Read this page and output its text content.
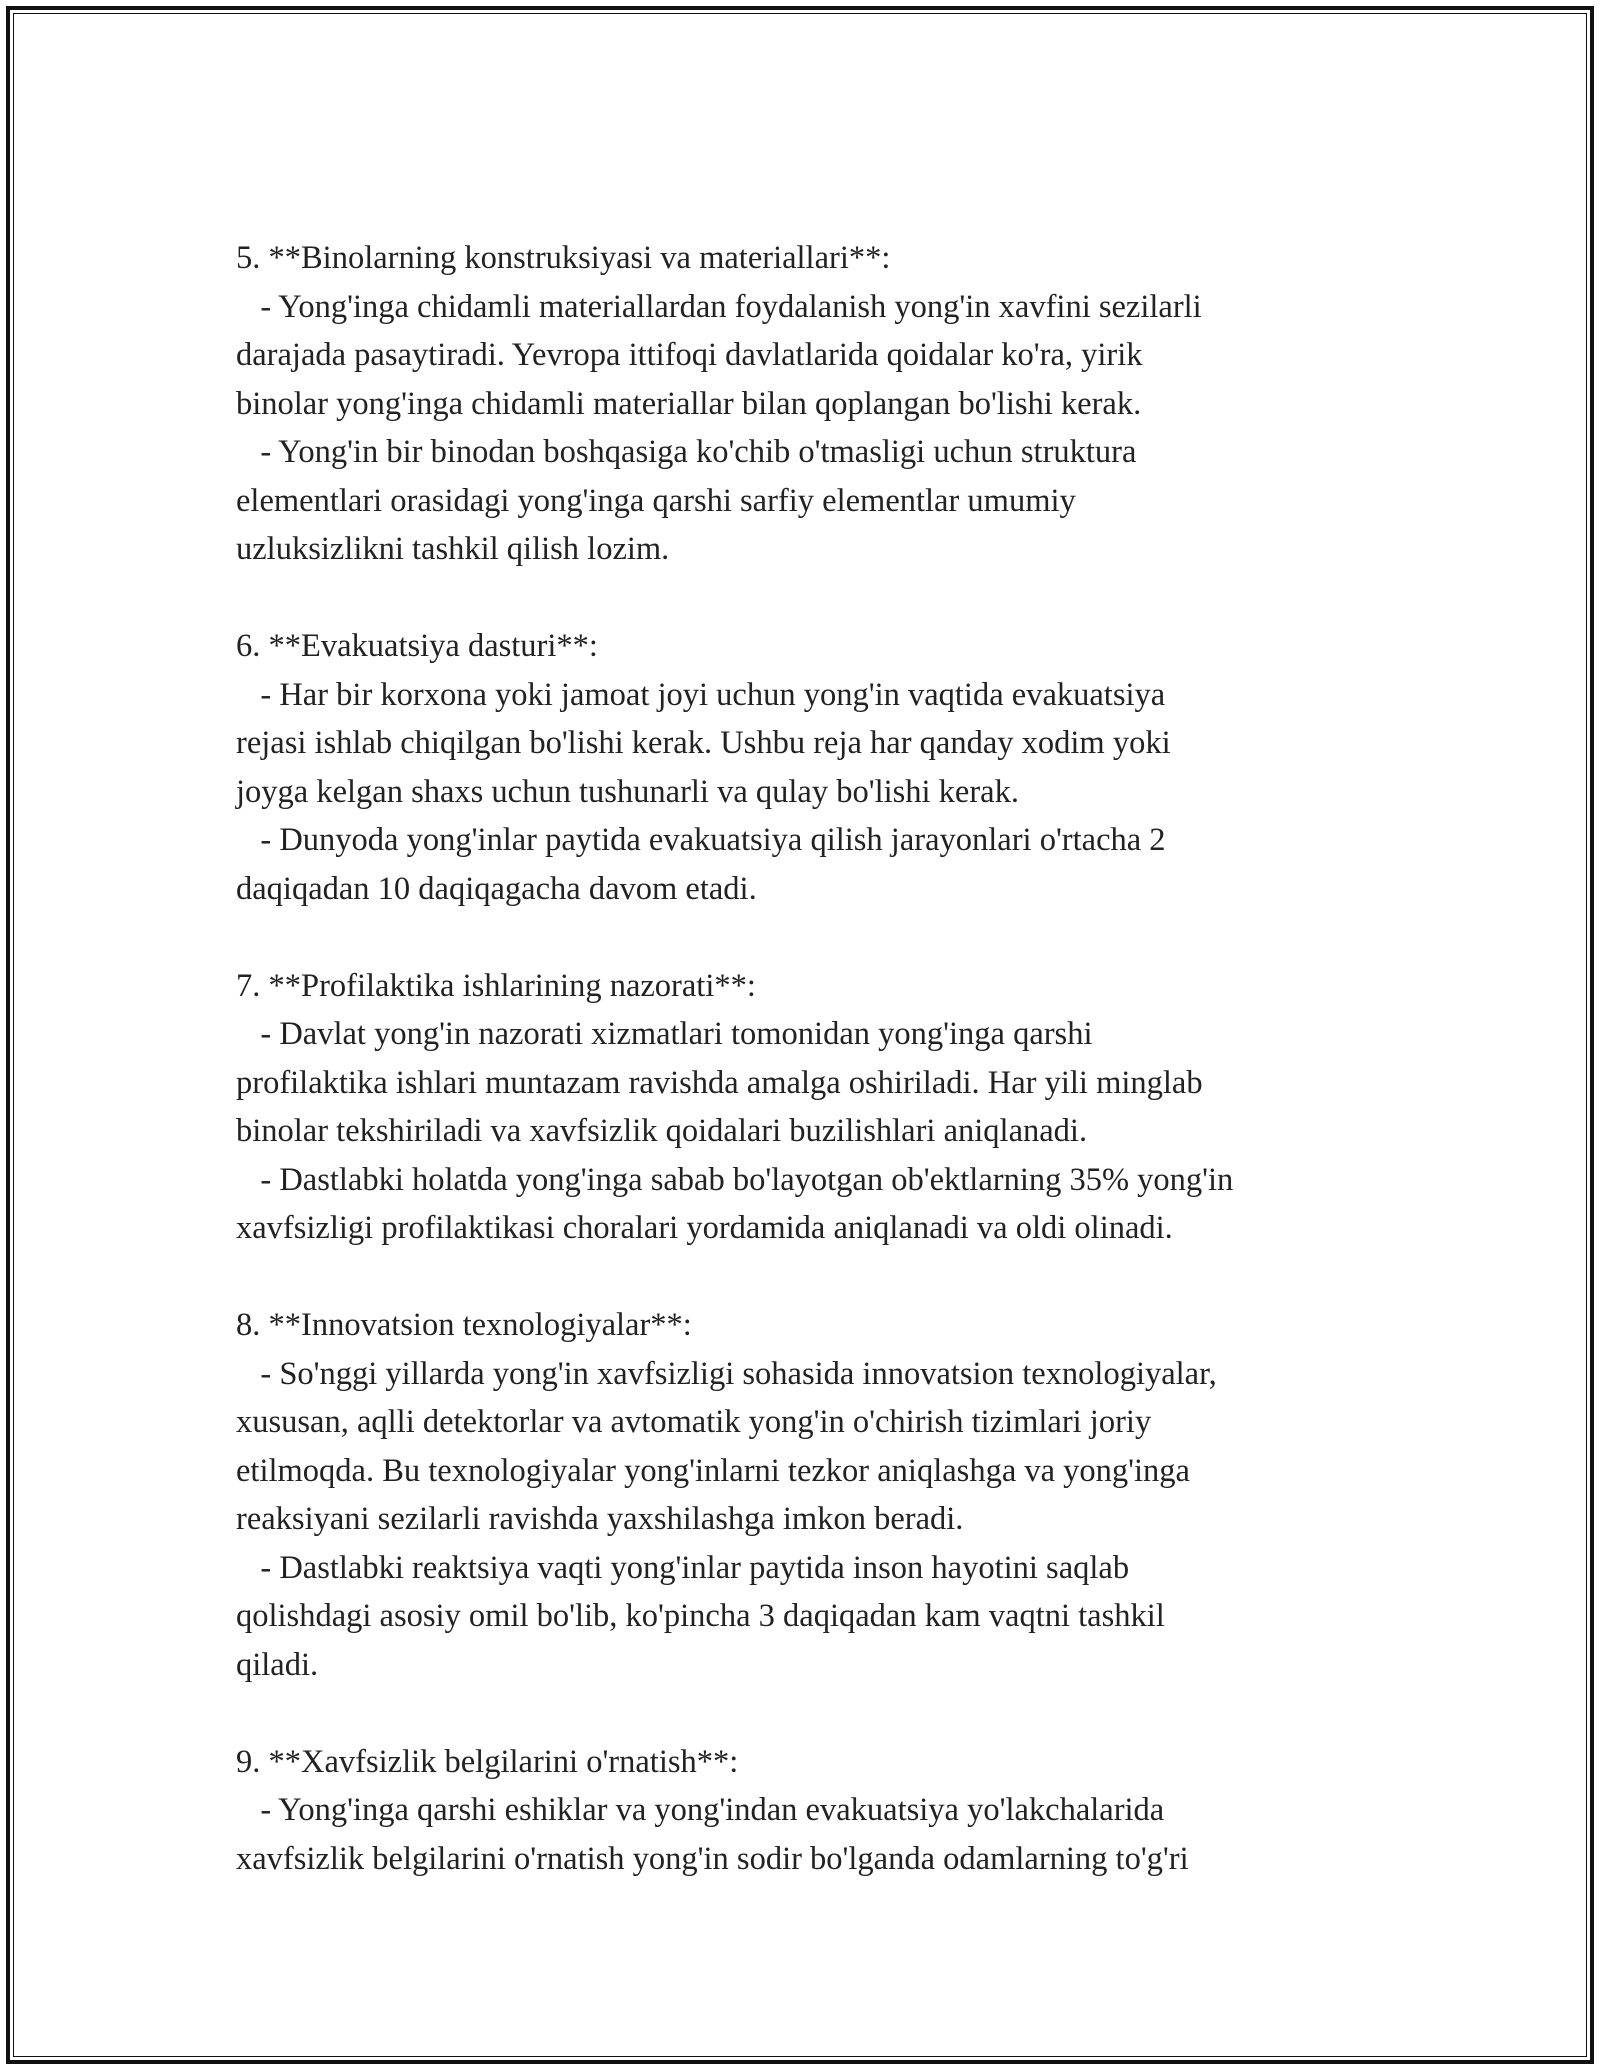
5. **Binolarning konstruksiyasi va materiallari**:
- Yong'inga chidamli materiallardan foydalanish yong'in xavfini sezilarli
darajada pasaytiradi. Yevropa ittifoqi davlatlarida qoidalar ko'ra, yirik
binolar yong'inga chidamli materiallar bilan qoplangan bo'lishi kerak.
- Yong'in bir binodan boshqasiga ko'chib o'tmasligi uchun struktura
elementlari orasidagi yong'inga qarshi sarfiy elementlar umumiy
uzluksizlikni tashkil qilish lozim.
6. **Evakuatsiya dasturi**:
- Har bir korxona yoki jamoat joyi uchun yong'in vaqtida evakuatsiya
rejasi ishlab chiqilgan bo'lishi kerak. Ushbu reja har qanday xodim yoki
joyga kelgan shaxs uchun tushunarli va qulay bo'lishi kerak.
- Dunyoda yong'inlar paytida evakuatsiya qilish jarayonlari o'rtacha 2
daqiqadan 10 daqiqagacha davom etadi.
7. **Profilaktika ishlarining nazorati**:
- Davlat yong'in nazorati xizmatlari tomonidan yong'inga qarshi
profilaktika ishlari muntazam ravishda amalga oshiriladi. Har yili minglab
binolar tekshiriladi va xavfsizlik qoidalari buzilishlari aniqlanadi.
- Dastlabki holatda yong'inga sabab bo'layotgan ob'ektlarning 35% yong'in
xavfsizligi profilaktikasi choralari yordamida aniqlanadi va oldi olinadi.
8. **Innovatsion texnologiyalar**:
- So'nggi yillarda yong'in xavfsizligi sohasida innovatsion texnologiyalar,
xususan, aqlli detektorlar va avtomatik yong'in o'chirish tizimlari joriy
etilmoqda. Bu texnologiyalar yong'inlarni tezkor aniqlashga va yong'inga
reaksiyani sezilarli ravishda yaxshilashga imkon beradi.
- Dastlabki reaktsiya vaqti yong'inlar paytida inson hayotini saqlab
qolishdagi asosiy omil bo'lib, ko'pincha 3 daqiqadan kam vaqtni tashkil
qiladi.
9. **Xavfsizlik belgilarini o'rnatish**:
- Yong'inga qarshi eshiklar va yong'indan evakuatsiya yo'lakchalarida
xavfsizlik belgilarini o'rnatish yong'in sodir bo'lganda odamlarning to'g'ri
